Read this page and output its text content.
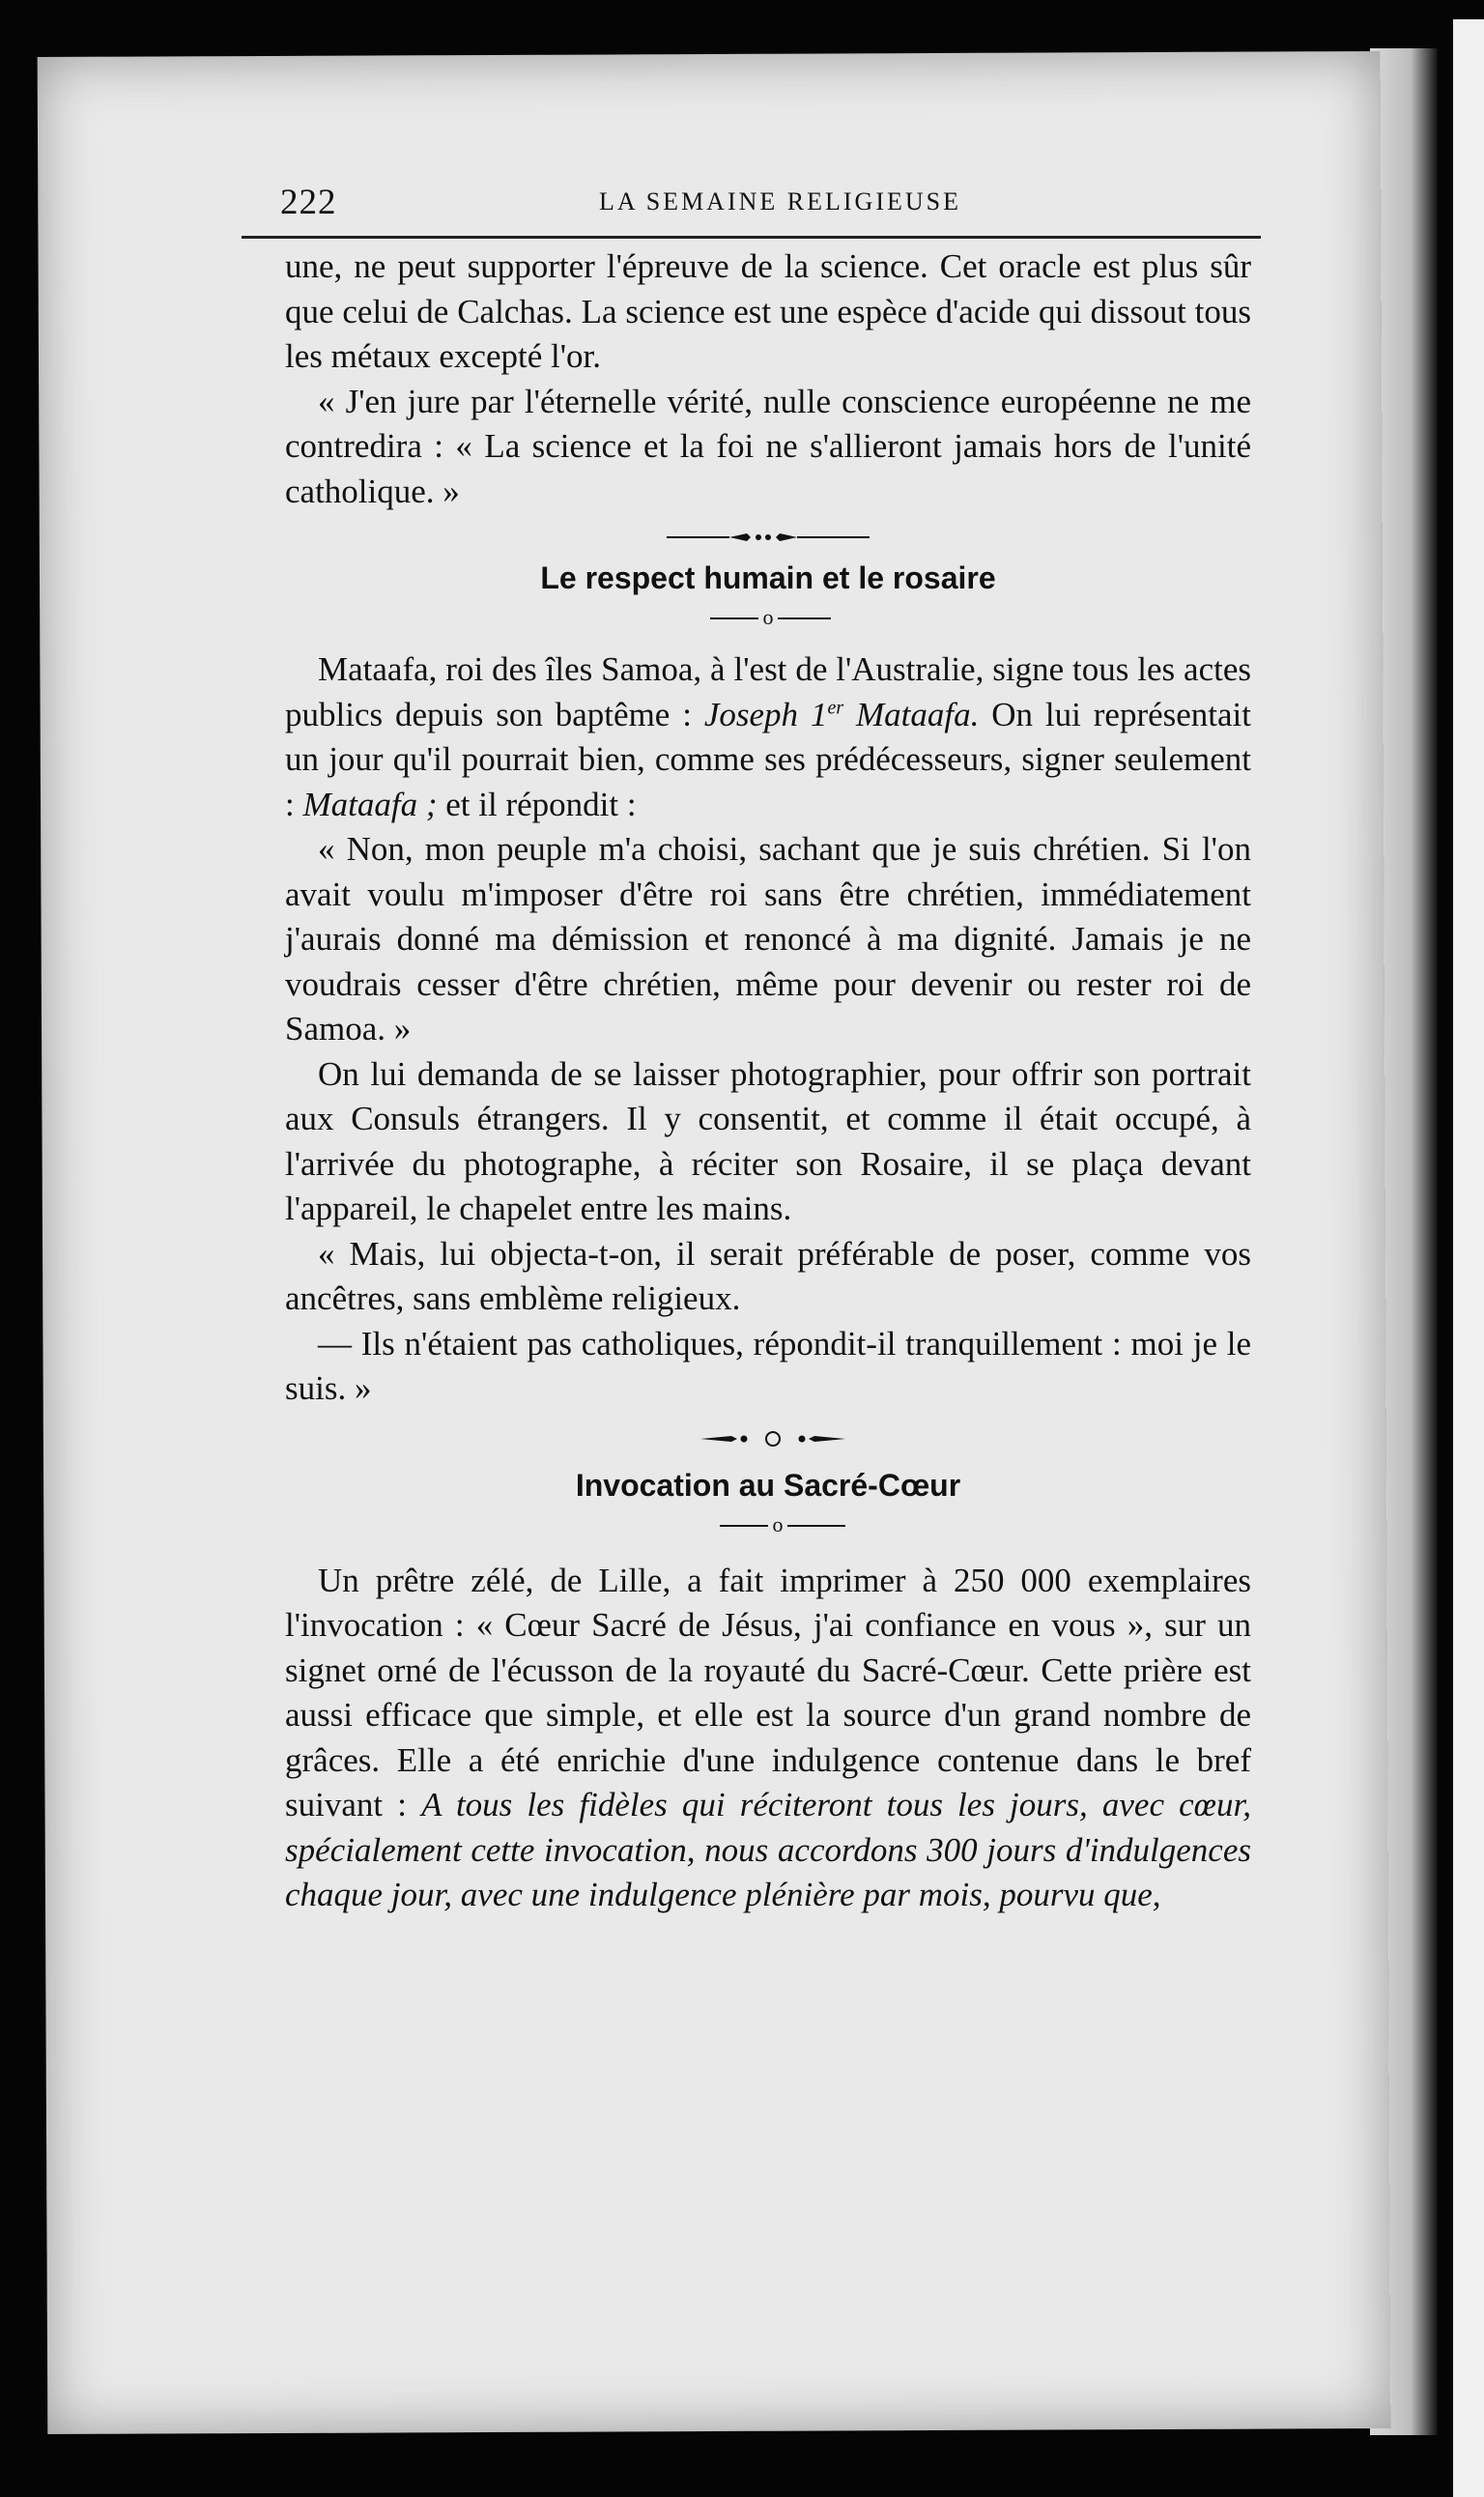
222	LA SEMAINE RELIGIEUSE

une, ne peut supporter l'épreuve de la science. Cet oracle est plus sûr que celui de Calchas. La science est une espèce d'acide qui dissout tous les métaux excepté l'or.

« J'en jure par l'éternelle vérité, nulle conscience européenne ne me contredira : « La science et la foi ne s'allieront jamais hors de l'unité catholique. »

Le respect humain et le rosaire
o

Mataafa, roi des îles Samoa, à l'est de l'Australie, signe tous les actes publics depuis son baptême : Joseph 1er Mataafa. On lui représentait un jour qu'il pourrait bien, comme ses prédécesseurs, signer seulement : Mataafa ; et il répondit :

« Non, mon peuple m'a choisi, sachant que je suis chrétien. Si l'on avait voulu m'imposer d'être roi sans être chrétien, immédiatement j'aurais donné ma démission et renoncé à ma dignité. Jamais je ne voudrais cesser d'être chrétien, même pour devenir ou rester roi de Samoa. »

On lui demanda de se laisser photographier, pour offrir son portrait aux Consuls étrangers. Il y consentit, et comme il était occupé, à l'arrivée du photographe, à réciter son Rosaire, il se plaça devant l'appareil, le chapelet entre les mains.

« Mais, lui objecta-t-on, il serait préférable de poser, comme vos ancêtres, sans emblème religieux.

— Ils n'étaient pas catholiques, répondit-il tranquillement : moi je le suis. »

Invocation au Sacré-Cœur
o

Un prêtre zélé, de Lille, a fait imprimer à 250 000 exemplaires l'invocation : « Cœur Sacré de Jésus, j'ai confiance en vous », sur un signet orné de l'écusson de la royauté du Sacré-Cœur. Cette prière est aussi efficace que simple, et elle est la source d'un grand nombre de grâces. Elle a été enrichie d'une indulgence contenue dans le bref suivant : A tous les fidèles qui réciteront tous les jours, avec cœur, spécialement cette invocation, nous accordons 300 jours d'indulgences chaque jour, avec une indulgence plénière par mois, pourvu que,
